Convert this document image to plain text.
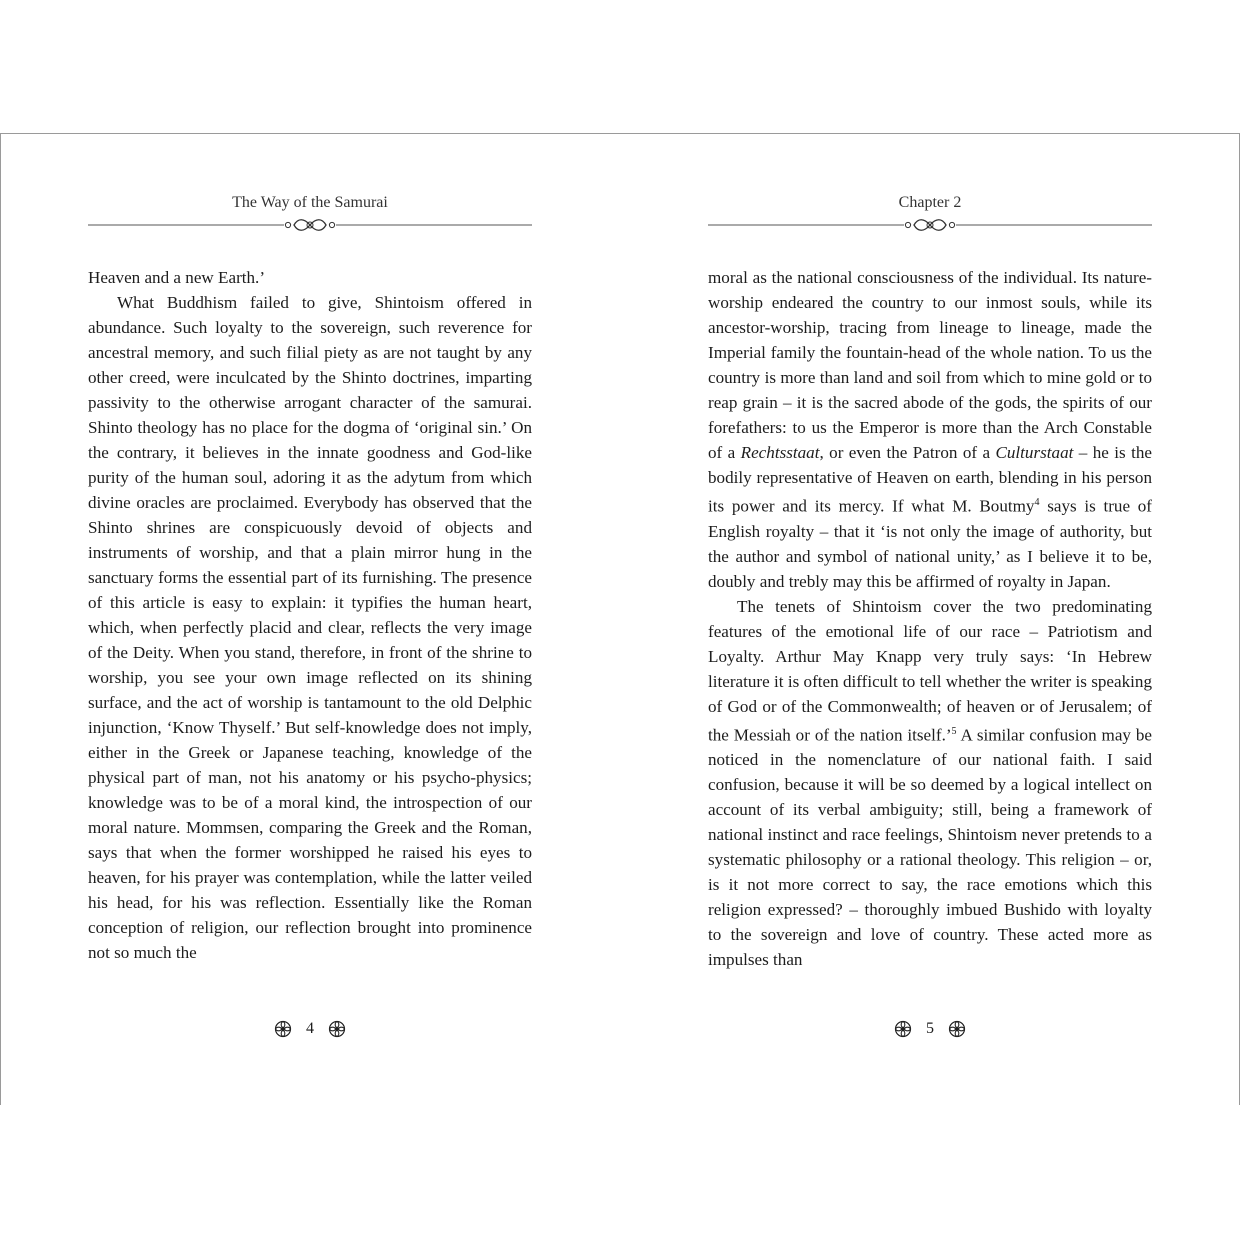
The Way of the Samurai

Heaven and a new Earth.’

What Buddhism failed to give, Shintoism offered in abundance. Such loyalty to the sovereign, such reverence for ancestral memory, and such filial piety as are not taught by any other creed, were inculcated by the Shinto doctrines, imparting passivity to the otherwise arrogant character of the samurai. Shinto theology has no place for the dogma of ‘original sin.’ On the contrary, it believes in the innate goodness and God-like purity of the human soul, adoring it as the adytum from which divine oracles are proclaimed. Everybody has observed that the Shinto shrines are conspicuously devoid of objects and instruments of worship, and that a plain mirror hung in the sanctuary forms the essential part of its furnishing. The presence of this article is easy to explain: it typifies the human heart, which, when perfectly placid and clear, reflects the very image of the Deity. When you stand, therefore, in front of the shrine to worship, you see your own image reflected on its shining surface, and the act of worship is tantamount to the old Delphic injunction, ‘Know Thyself.’ But self-knowledge does not imply, either in the Greek or Japanese teaching, knowledge of the physical part of man, not his anatomy or his psycho-physics; knowledge was to be of a moral kind, the introspection of our moral nature. Mommsen, comparing the Greek and the Roman, says that when the former worshipped he raised his eyes to heaven, for his prayer was contemplation, while the latter veiled his head, for his was reflection. Essentially like the Roman conception of religion, our reflection brought into prominence not so much the

4
Chapter 2

moral as the national consciousness of the individual. Its nature-worship endeared the country to our inmost souls, while its ancestor-worship, tracing from lineage to lineage, made the Imperial family the fountain-head of the whole nation. To us the country is more than land and soil from which to mine gold or to reap grain – it is the sacred abode of the gods, the spirits of our forefathers: to us the Emperor is more than the Arch Constable of a Rechtsstaat, or even the Patron of a Culturstaat – he is the bodily representative of Heaven on earth, blending in his person its power and its mercy. If what M. Boutmy$^4$ says is true of English royalty – that it ‘is not only the image of authority, but the author and symbol of national unity,’ as I believe it to be, doubly and trebly may this be affirmed of royalty in Japan.

The tenets of Shintoism cover the two predominating features of the emotional life of our race – Patriotism and Loyalty. Arthur May Knapp very truly says: ‘In Hebrew literature it is often difficult to tell whether the writer is speaking of God or of the Commonwealth; of heaven or of Jerusalem; of the Messiah or of the nation itself.’$^5$ A similar confusion may be noticed in the nomenclature of our national faith. I said confusion, because it will be so deemed by a logical intellect on account of its verbal ambiguity; still, being a framework of national instinct and race feelings, Shintoism never pretends to a systematic philosophy or a rational theology. This religion – or, is it not more correct to say, the race emotions which this religion expressed? – thoroughly imbued Bushido with loyalty to the sovereign and love of country. These acted more as impulses than

5
